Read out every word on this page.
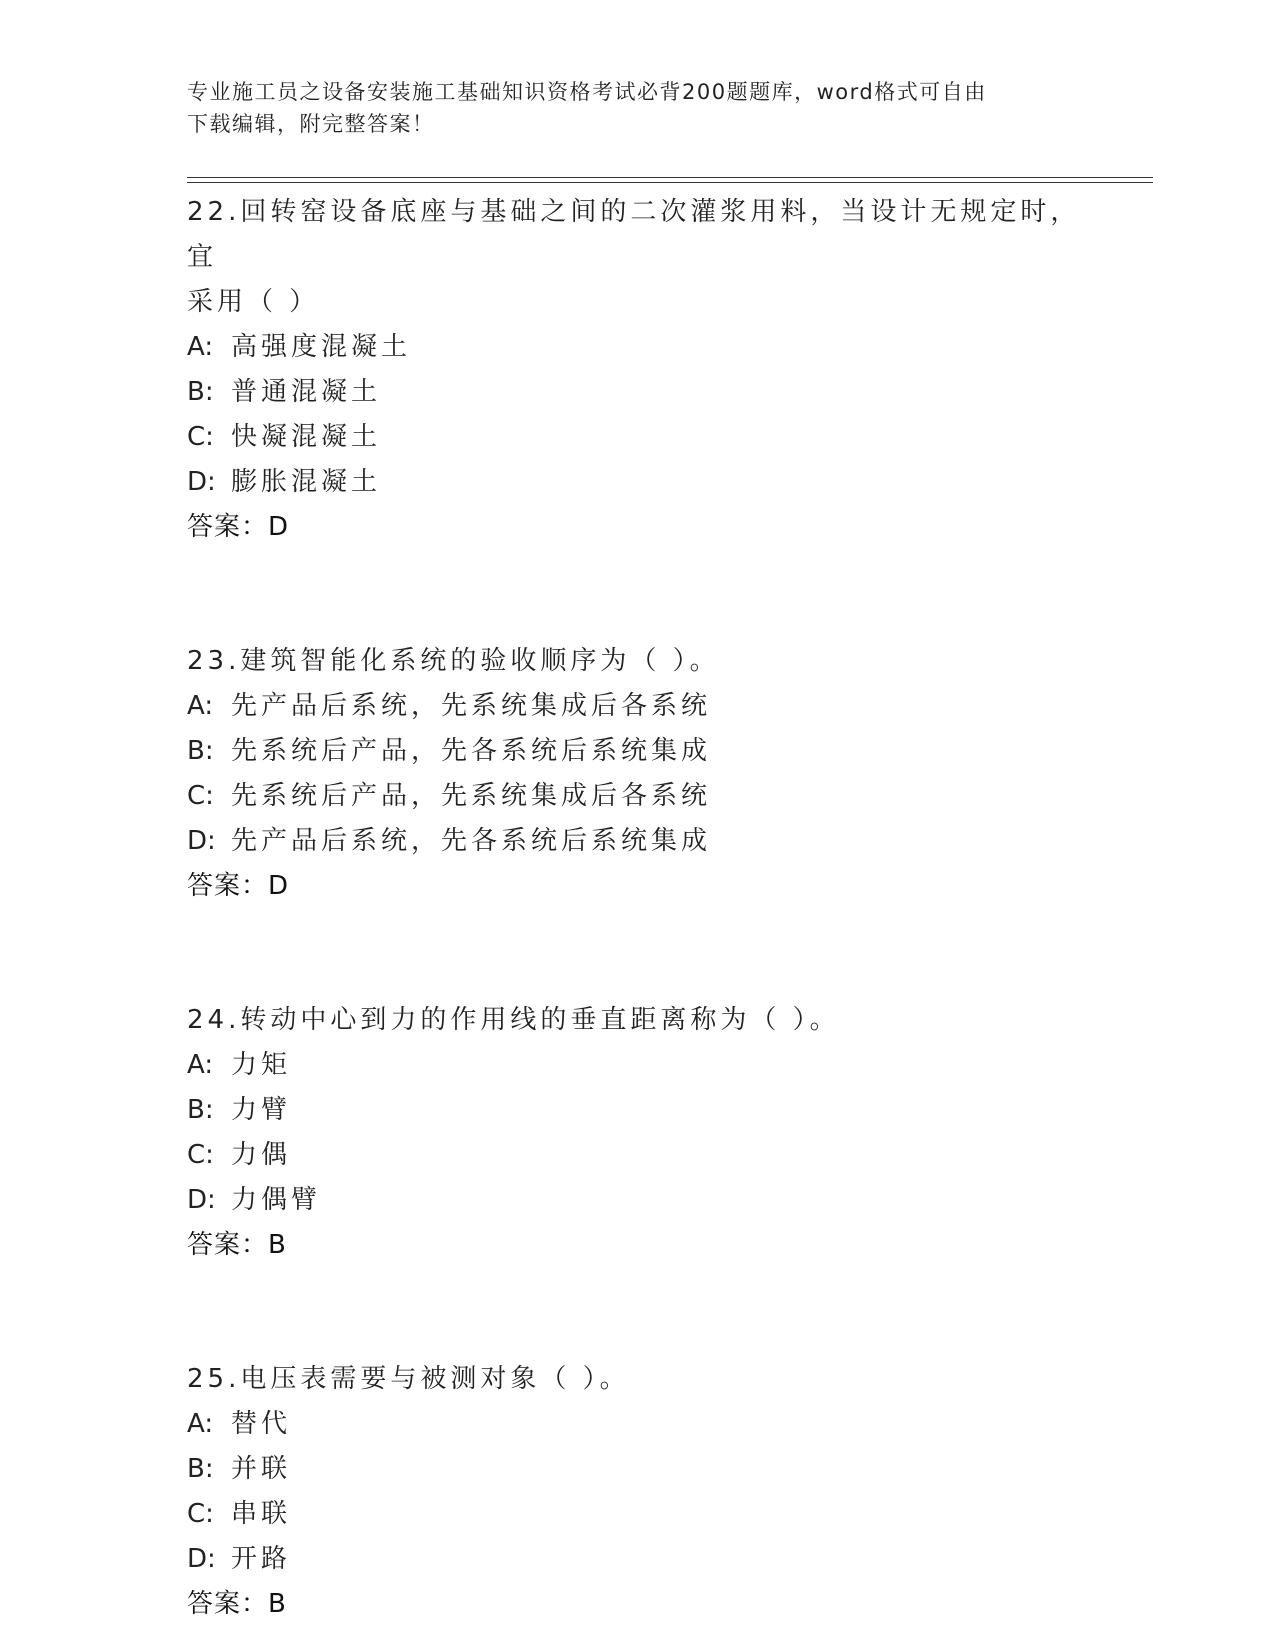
专业施工员之设备安装施工基础知识资格考试必背200题题库，word格式可自由
下载编辑，附完整答案！
22.回转窑设备底座与基础之间的二次灌浆用料，当设计无规定时，宜
采用（ ）
A: 高强度混凝土
B: 普通混凝土
C: 快凝混凝土
D: 膨胀混凝土
答案：D
23.建筑智能化系统的验收顺序为（ ）。
A: 先产品后系统，先系统集成后各系统
B: 先系统后产品，先各系统后系统集成
C: 先系统后产品，先系统集成后各系统
D: 先产品后系统，先各系统后系统集成
答案：D
24.转动中心到力的作用线的垂直距离称为（ ）。
A: 力矩
B: 力臂
C: 力偶
D: 力偶臂
答案：B
25.电压表需要与被测对象（ ）。
A: 替代
B: 并联
C: 串联
D: 开路
答案：B
